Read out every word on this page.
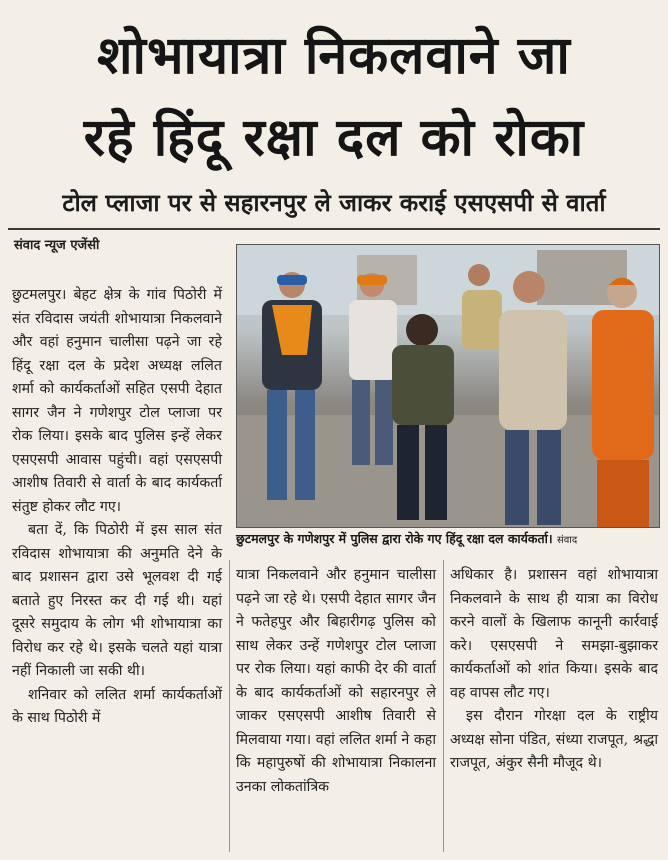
शोभायात्रा निकलवाने जा
रहे हिंदू रक्षा दल को रोका
टोल प्लाजा पर से सहारनपुर ले जाकर कराई एसएसपी से वार्ता
संवाद न्यूज एजेंसी

छुटमलपुर। बेहट क्षेत्र के गांव पिठोरी में संत रविदास जयंती शोभायात्रा निकलवाने और वहां हनुमान चालीसा पढ़ने जा रहे हिंदू रक्षा दल के प्रदेश अध्यक्ष ललित शर्मा को कार्यकर्ताओं सहित एसपी देहात सागर जैन ने गणेशपुर टोल प्लाजा पर रोक लिया। इसके बाद पुलिस इन्हें लेकर एसएसपी आवास पहुंची। वहां एसएसपी आशीष तिवारी से वार्ता के बाद कार्यकर्ता संतुष्ट होकर लौट गए।

बता दें, कि पिठोरी में इस साल संत रविदास शोभायात्रा की अनुमति देने के बाद प्रशासन द्वारा उसे भूलवश दी गई बताते हुए निरस्त कर दी गई थी। यहां दूसरे समुदाय के लोग भी शोभायात्रा का विरोध कर रहे थे। इसके चलते यहां यात्रा नहीं निकाली जा सकी थी।

शनिवार को ललित शर्मा कार्यकर्ताओं के साथ पिठोरी में

छुटमलपुर के गणेशपुर में पुलिस द्वारा रोके गए हिंदू रक्षा दल कार्यकर्ता। संवाद

यात्रा निकलवाने और हनुमान चालीसा पढ़ने जा रहे थे। एसपी देहात सागर जैन ने फतेहपुर और बिहारीगढ़ पुलिस को साथ लेकर उन्हें गणेशपुर टोल प्लाजा पर रोक लिया। यहां काफी देर की वार्ता के बाद कार्यकर्ताओं को सहारनपुर ले जाकर एसएसपी आशीष तिवारी से मिलवाया गया। वहां ललित शर्मा ने कहा कि महापुरुषों की शोभायात्रा निकालना उनका लोकतांत्रिक

अधिकार है। प्रशासन वहां शोभायात्रा निकलवाने के साथ ही यात्रा का विरोध करने वालों के खिलाफ कानूनी कार्रवाई करे। एसएसपी ने समझा-बुझाकर कार्यकर्ताओं को शांत किया। इसके बाद वह वापस लौट गए।

इस दौरान गोरक्षा दल के राष्ट्रीय अध्यक्ष सोना पंडित, संध्या राजपूत, श्रद्धा राजपूत, अंकुर सैनी मौजूद थे।
